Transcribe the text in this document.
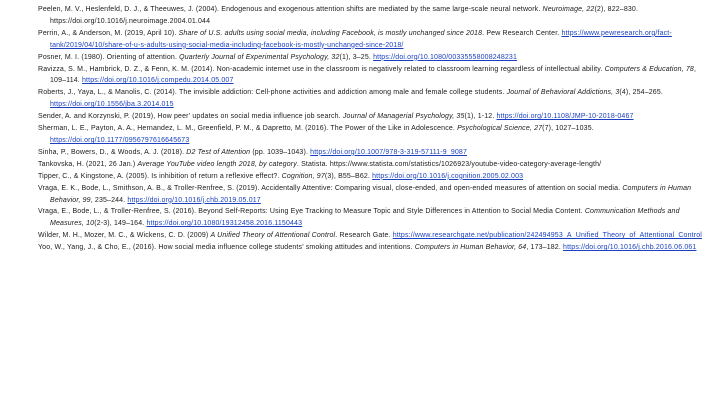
Peelen, M. V., Heslenfeld, D. J., & Theeuwes, J. (2004). Endogenous and exogenous attention shifts are mediated by the same large-scale neural network. Neuroimage, 22(2), 822–830. https://doi.org/10.1016/j.neuroimage.2004.01.044

Perrin, A., & Anderson, M. (2019, April 10). Share of U.S. adults using social media, including Facebook, is mostly unchanged since 2018. Pew Research Center. https://www.pewresearch.org/fact-tank/2019/04/10/share-of-u-s-adults-using-social-media-including-facebook-is-mostly-unchanged-since-2018/

Posner, M. I. (1980). Orienting of attention. Quarterly Journal of Experimental Psychology, 32(1), 3–25. https://doi.org/10.1080/00335558008248231

Ravizza, S. M., Hambrick, D. Z., & Fenn, K. M. (2014). Non-academic internet use in the classroom is negatively related to classroom learning regardless of intellectual ability. Computers & Education, 78, 109–114. https://doi.org/10.1016/j.compedu.2014.05.007

Roberts, J., Yaya, L., & Manolis, C. (2014). The invisible addiction: Cell-phone activities and addiction among male and female college students. Journal of Behavioral Addictions, 3(4), 254–265. https://doi.org/10.1556/jba.3.2014.015

Sender, A. and Korzynski, P. (2019), How peer’ updates on social media influence job search. Journal of Managerial Psychology, 35(1), 1-12. https://doi.org/10.1108/JMP-10-2018-0467

Sherman, L. E., Payton, A. A., Hernandez, L. M., Greenfield, P. M., & Dapretto, M. (2016). The Power of the Like in Adolescence. Psychological Science, 27(7), 1027–1035. https://doi.org/10.1177/0956797616645673

Sinha, P., Bowers, D., & Woods, A. J. (2018). D2 Test of Attention (pp. 1039–1043). https://doi.org/10.1007/978-3-319-57111-9_9087

Tankovska, H. (2021, 26 Jan.) Average YouTube video length 2018, by category. Statista. https://www.statista.com/statistics/1026923/youtube-video-category-average-length/

Tipper, C., & Kingstone, A. (2005). Is inhibition of return a reflexive effect?. Cognition, 97(3), B55–B62. https://doi.org/10.1016/j.cognition.2005.02.003

Vraga, E. K., Bode, L., Smithson, A. B., & Troller-Renfree, S. (2019). Accidentally Attentive: Comparing visual, close-ended, and open-ended measures of attention on social media. Computers in Human Behavior, 99, 235–244. https://doi.org/10.1016/j.chb.2019.05.017

Vraga, E., Bode, L., & Troller-Renfree, S. (2016). Beyond Self-Reports: Using Eye Tracking to Measure Topic and Style Differences in Attention to Social Media Content. Communication Methods and Measures, 10(2-3), 149–164. https://doi.org/10.1080/19312458.2016.1150443

Wilder, M. H., Mozer, M. C., & Wickens, C. D. (2009) A Unified Theory of Attentional Control. Research Gate. https://www.researchgate.net/publication/242494953_A_Unified_Theory_of_Attentional_Control

Yoo, W., Yang, J., & Cho, E., (2016). How social media influence college students’ smoking attitudes and intentions. Computers in Human Behavior, 64, 173–182. https://doi.org/10.1016/j.chb.2016.06.061
